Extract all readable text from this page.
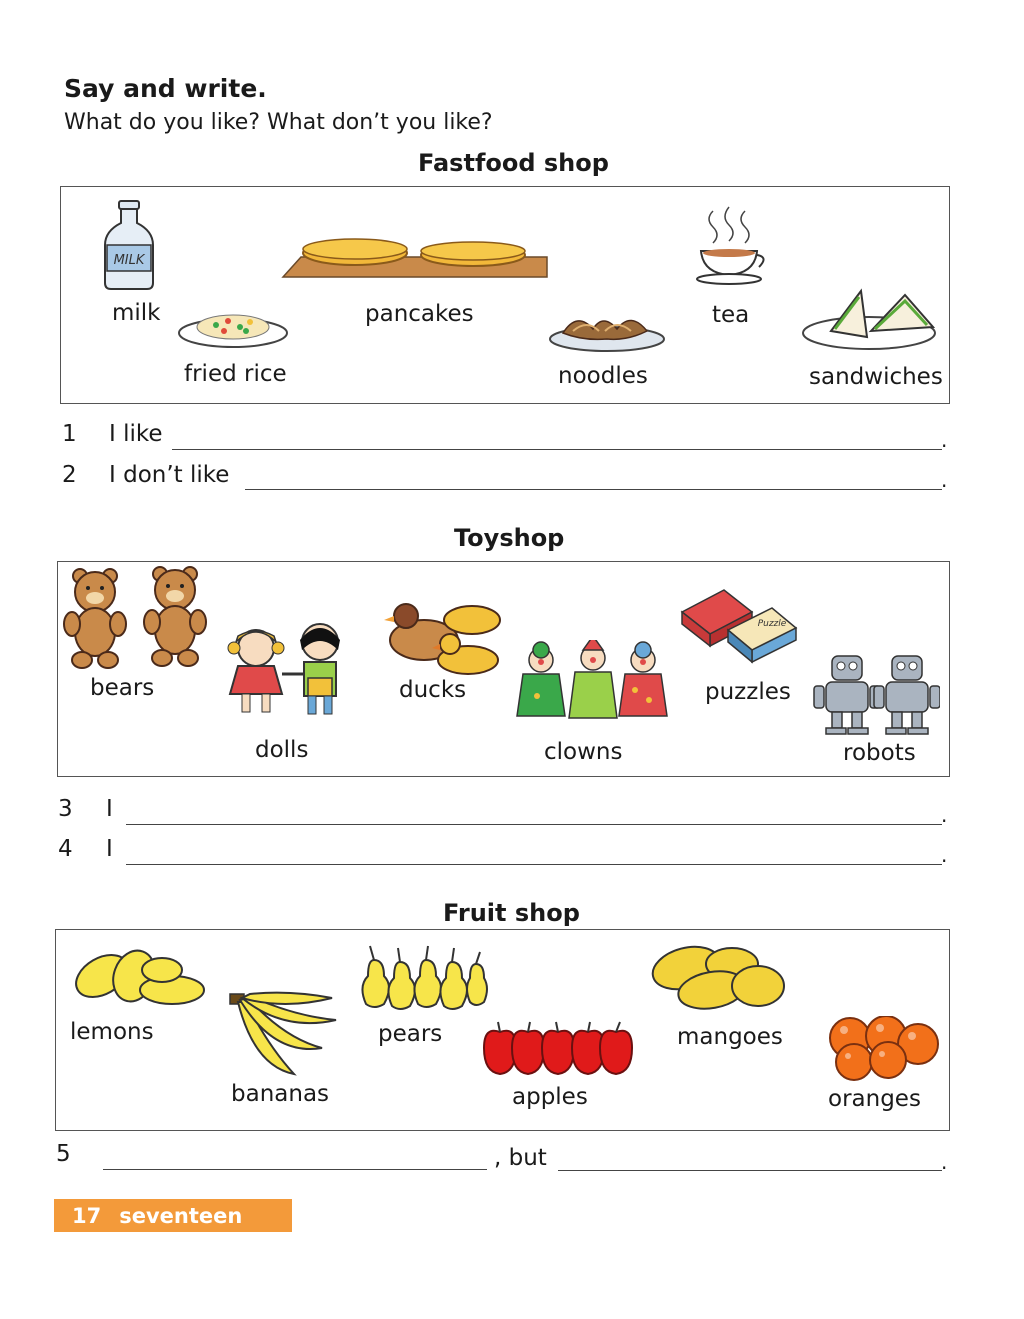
Say and write.
What do you like? What don’t you like?
Fastfood shop
MILK
milk
fried rice
pancakes
noodles
tea
sandwiches
1 I like	.
2 I don’t like	.
Toyshop
bears
dolls
ducks
clowns
Puzzle
puzzles
robots
3 I	.
4 I	.
Fruit shop
lemons
bananas
pears
apples
mangoes
oranges
5	, but	.
17 seventeen
